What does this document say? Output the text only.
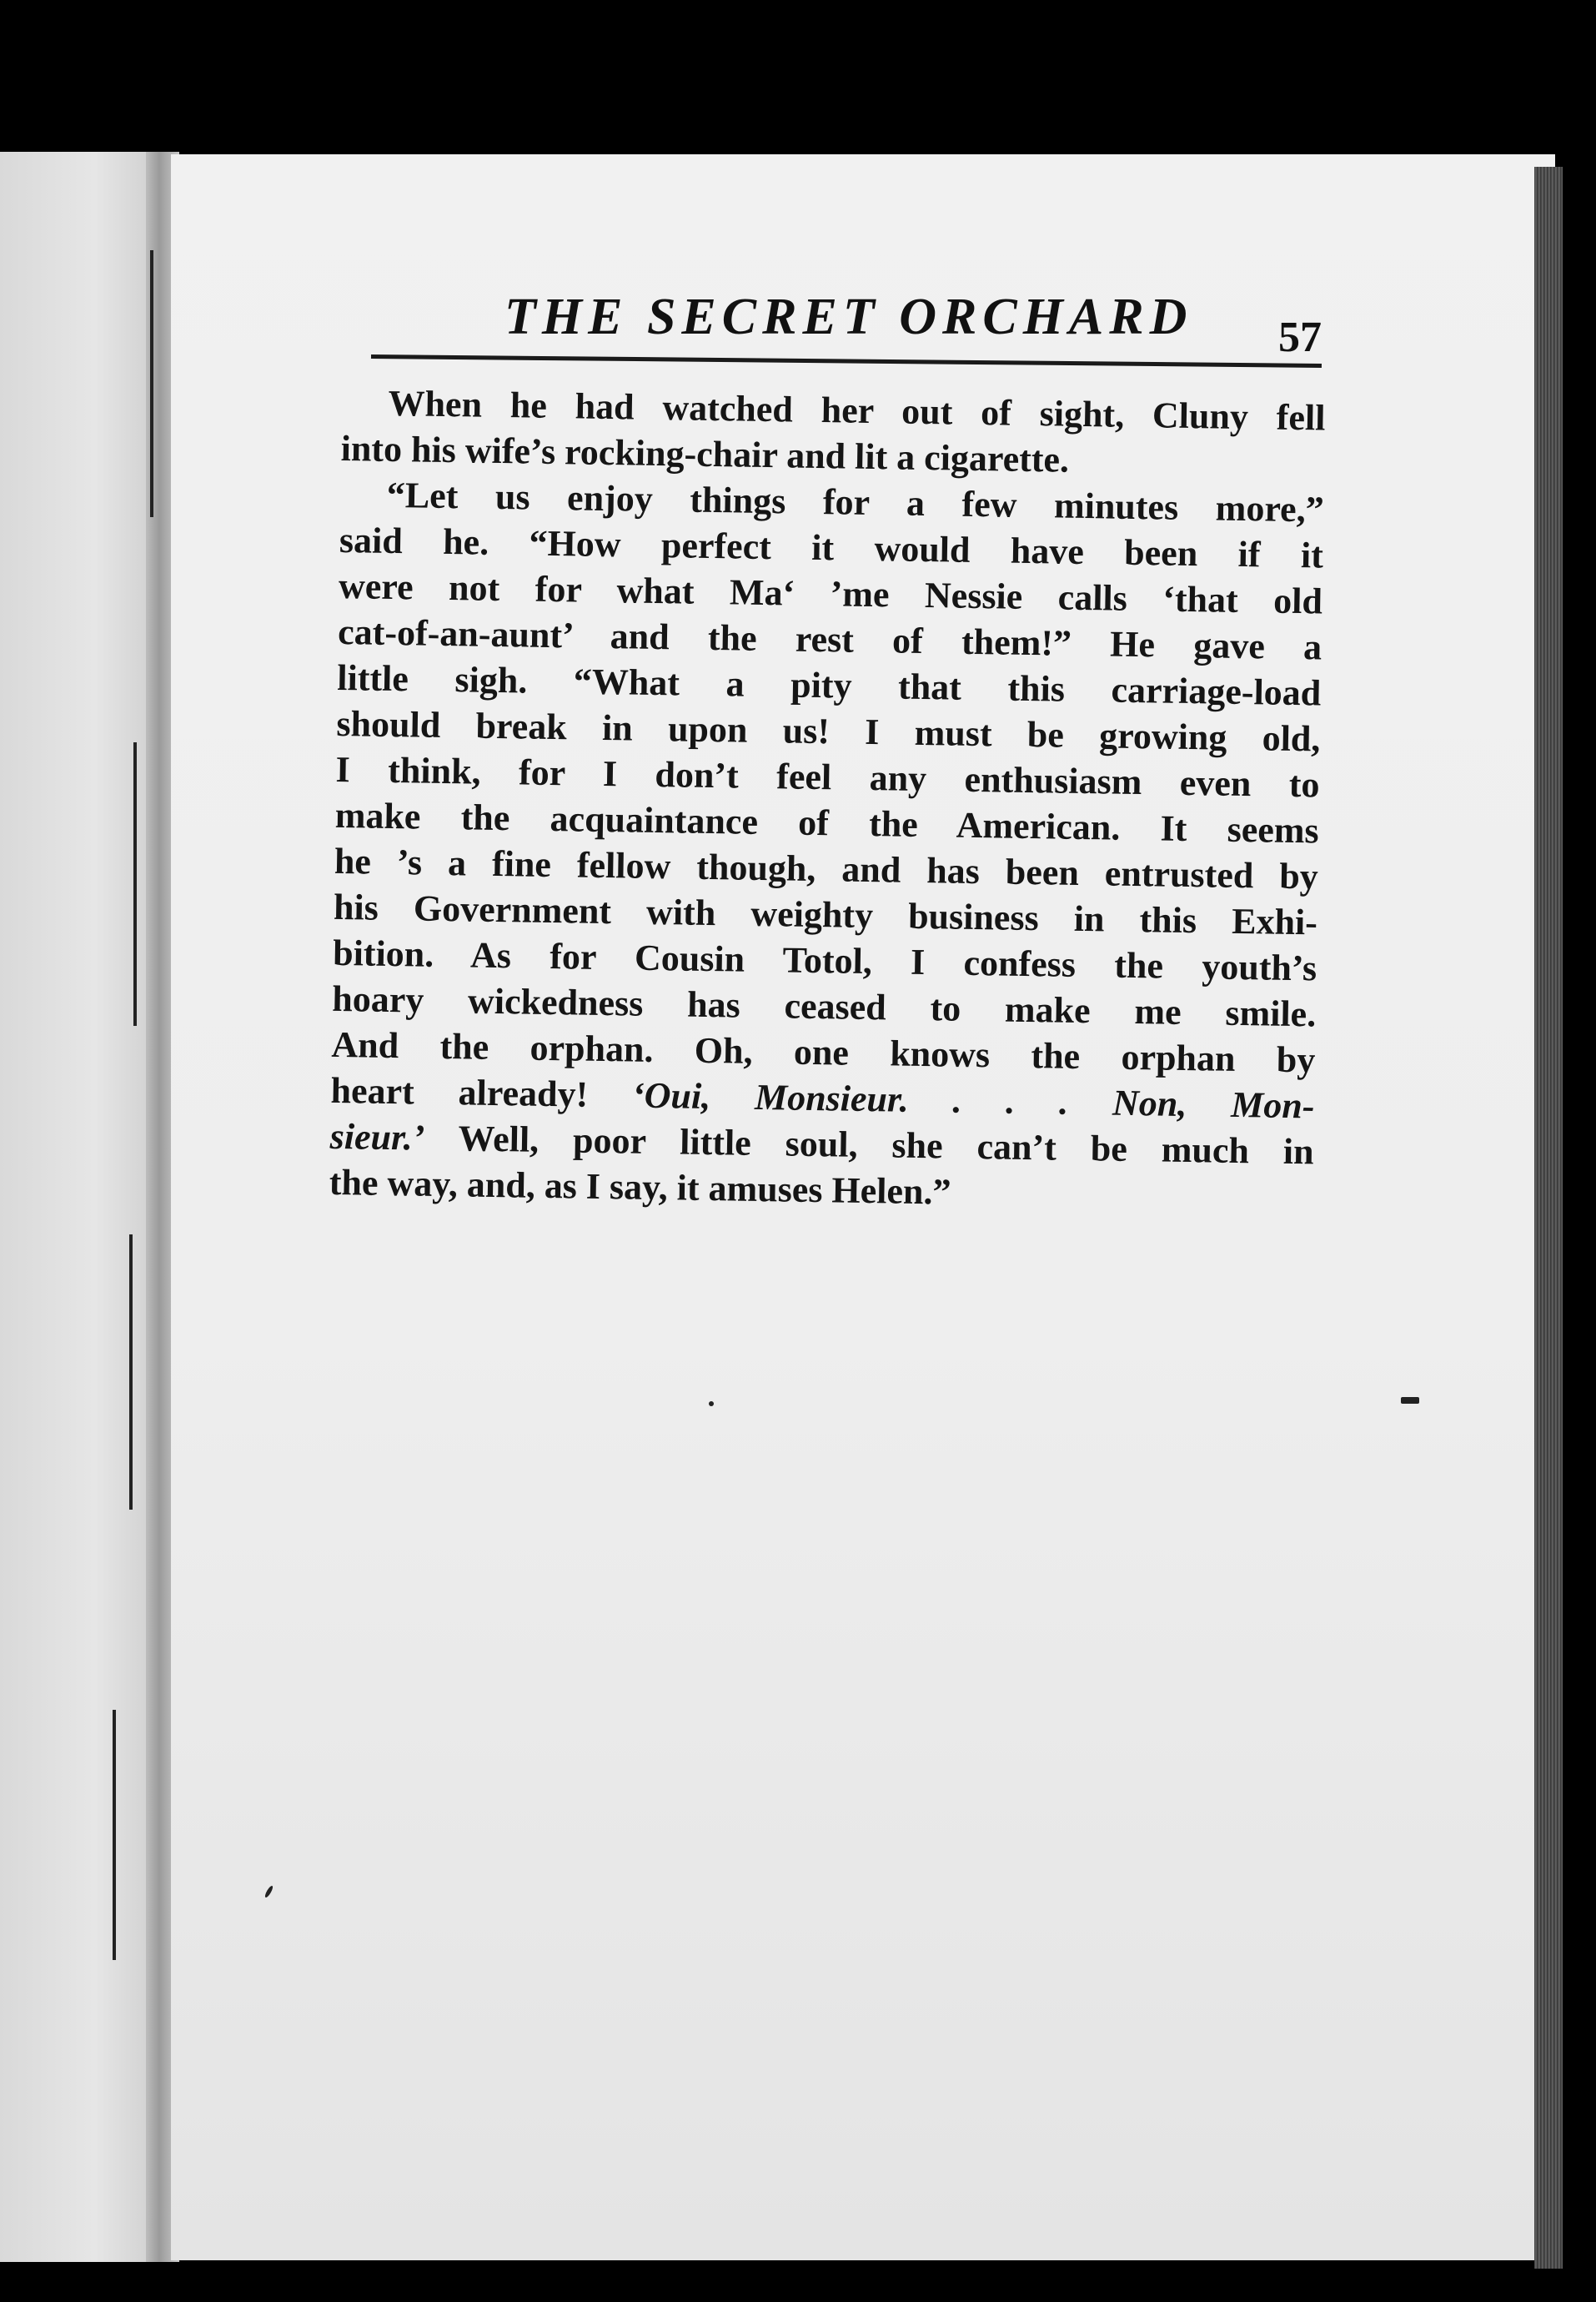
THE SECRET ORCHARD 57
When he had watched her out of sight, Cluny fell
into his wife’s rocking-chair and lit a cigarette.
“Let us enjoy things for a few minutes more,”
said he. “How perfect it would have been if it
were not for what Ma‘ ’me Nessie calls ‘that old
cat-of-an-aunt’ and the rest of them!” He gave a
little sigh. “What a pity that this carriage-load
should break in upon us! I must be growing old,
I think, for I don’t feel any enthusiasm even to
make the acquaintance of the American. It seems
he ’s a fine fellow though, and has been entrusted by
his Government with weighty business in this Exhi-
bition. As for Cousin Totol, I confess the youth’s
hoary wickedness has ceased to make me smile.
And the orphan. Oh, one knows the orphan by
heart already! ‘Oui, Monsieur. . . . Non, Mon-
sieur.’ Well, poor little soul, she can’t be much in
the way, and, as I say, it amuses Helen.”
